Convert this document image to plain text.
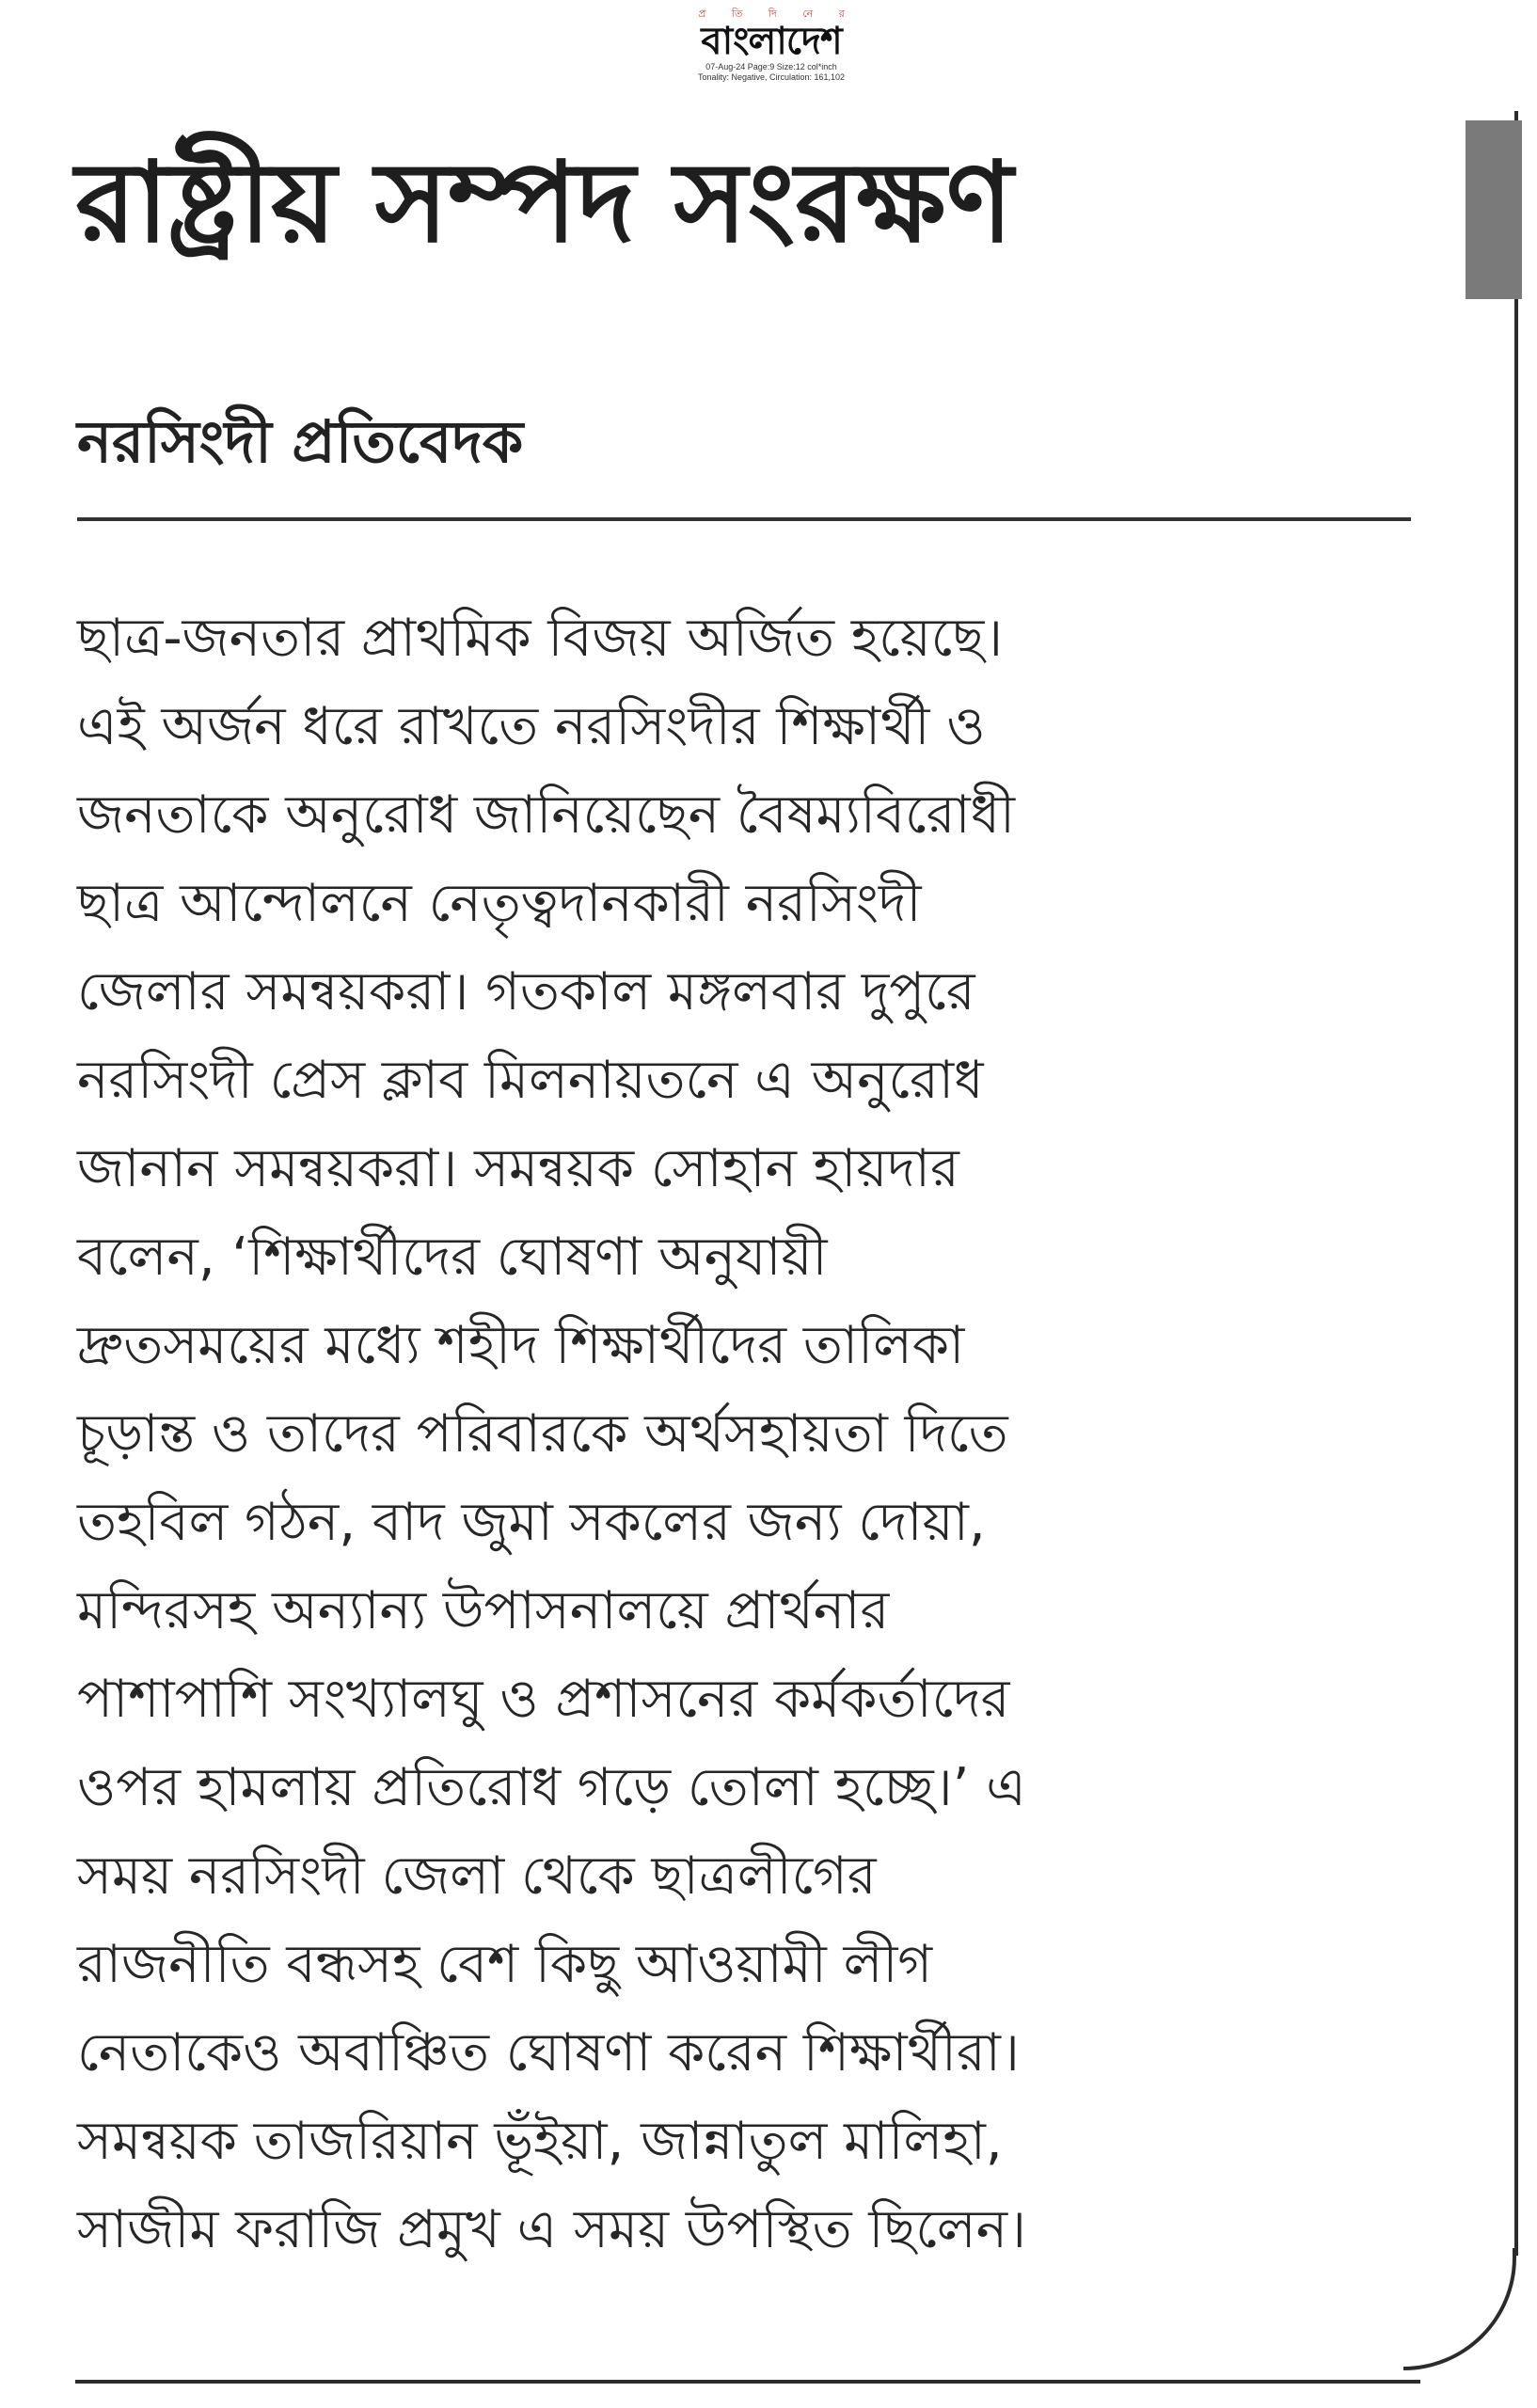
প্র তি দি নে র
বাংলাদেশ
07-Aug-24 Page:9 Size:12 col*inch
Tonality: Negative, Circulation: 161,102
রাষ্ট্রীয় সম্পদ সংরক্ষণ
নরসিংদী প্রতিবেদক
ছাত্র-জনতার প্রাথমিক বিজয় অর্জিত হয়েছে।
এই অর্জন ধরে রাখতে নরসিংদীর শিক্ষার্থী ও
জনতাকে অনুরোধ জানিয়েছেন বৈষম্যবিরোধী
ছাত্র আন্দোলনে নেতৃত্বদানকারী নরসিংদী
জেলার সমন্বয়করা। গতকাল মঙ্গলবার দুপুরে
নরসিংদী প্রেস ক্লাব মিলনায়তনে এ অনুরোধ
জানান সমন্বয়করা। সমন্বয়ক সোহান হায়দার
বলেন, ‘শিক্ষার্থীদের ঘোষণা অনুযায়ী
দ্রুতসময়ের মধ্যে শহীদ শিক্ষার্থীদের তালিকা
চূড়ান্ত ও তাদের পরিবারকে অর্থসহায়তা দিতে
তহবিল গঠন, বাদ জুমা সকলের জন্য দোয়া,
মন্দিরসহ অন্যান্য উপাসনালয়ে প্রার্থনার
পাশাপাশি সংখ্যালঘু ও প্রশাসনের কর্মকর্তাদের
ওপর হামলায় প্রতিরোধ গড়ে তোলা হচ্ছে।’ এ
সময় নরসিংদী জেলা থেকে ছাত্রলীগের
রাজনীতি বন্ধসহ বেশ কিছু আওয়ামী লীগ
নেতাকেও অবাঞ্চিত ঘোষণা করেন শিক্ষার্থীরা।
সমন্বয়ক তাজরিয়ান ভূঁইয়া, জান্নাতুল মালিহা,
সাজীম ফরাজি প্রমুখ এ সময় উপস্থিত ছিলেন।
